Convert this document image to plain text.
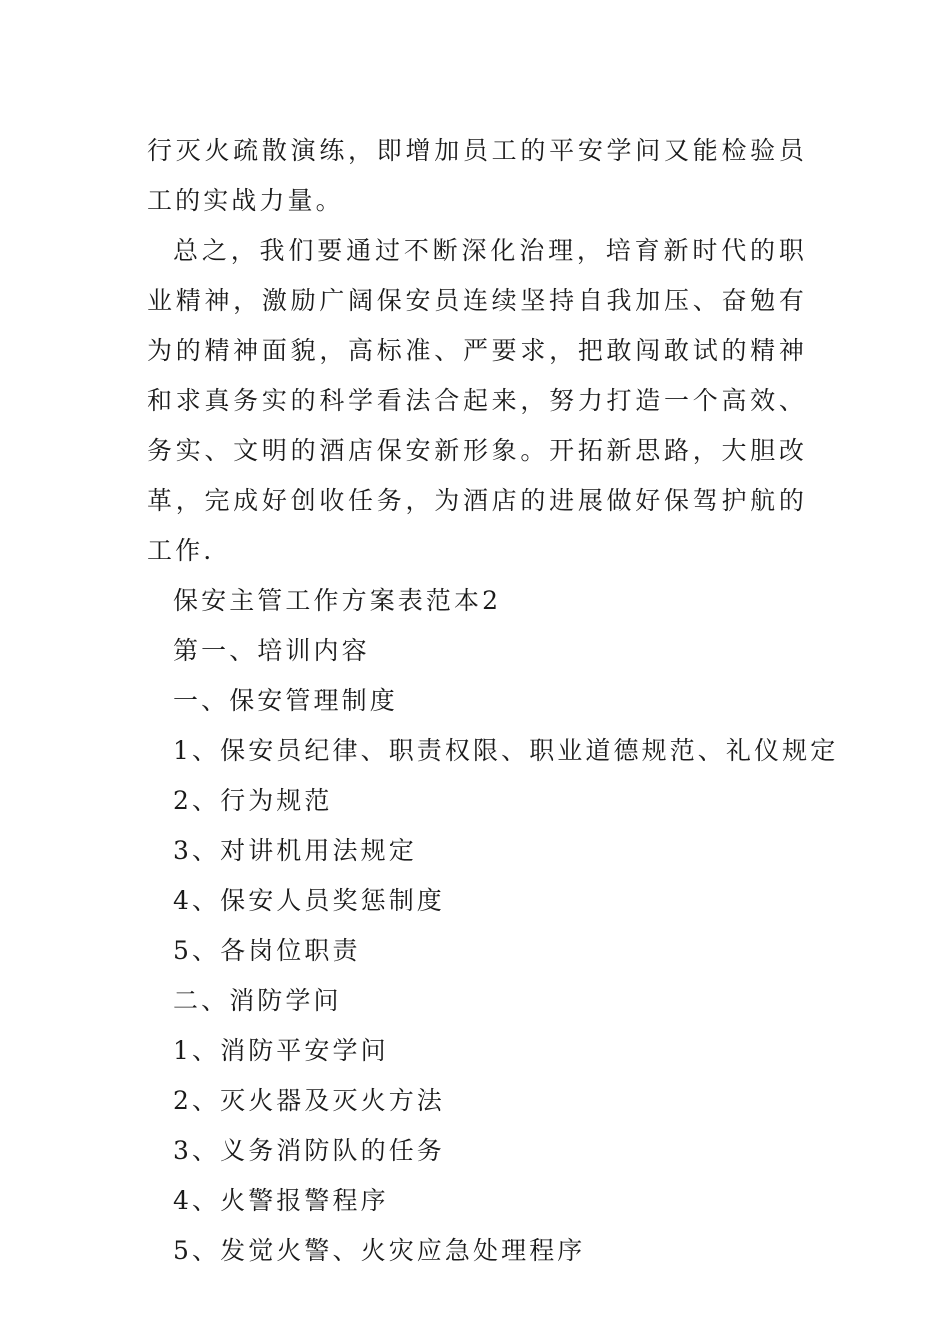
行灭火疏散演练，即增加员工的平安学问又能检验员工的实战力量。

总之，我们要通过不断深化治理，培育新时代的职业精神，激励广阔保安员连续坚持自我加压、奋勉有为的精神面貌，高标准、严要求，把敢闯敢试的精神和求真务实的科学看法合起来，努力打造一个高效、务实、文明的酒店保安新形象。开拓新思路，大胆改革，完成好创收任务，为酒店的进展做好保驾护航的工作.

保安主管工作方案表范本2

第一、培训内容

一、保安管理制度

1、保安员纪律、职责权限、职业道德规范、礼仪规定

2、行为规范

3、对讲机用法规定

4、保安人员奖惩制度

5、各岗位职责

二、消防学问

1、消防平安学问

2、灭火器及灭火方法

3、义务消防队的任务

4、火警报警程序

5、发觉火警、火灾应急处理程序
